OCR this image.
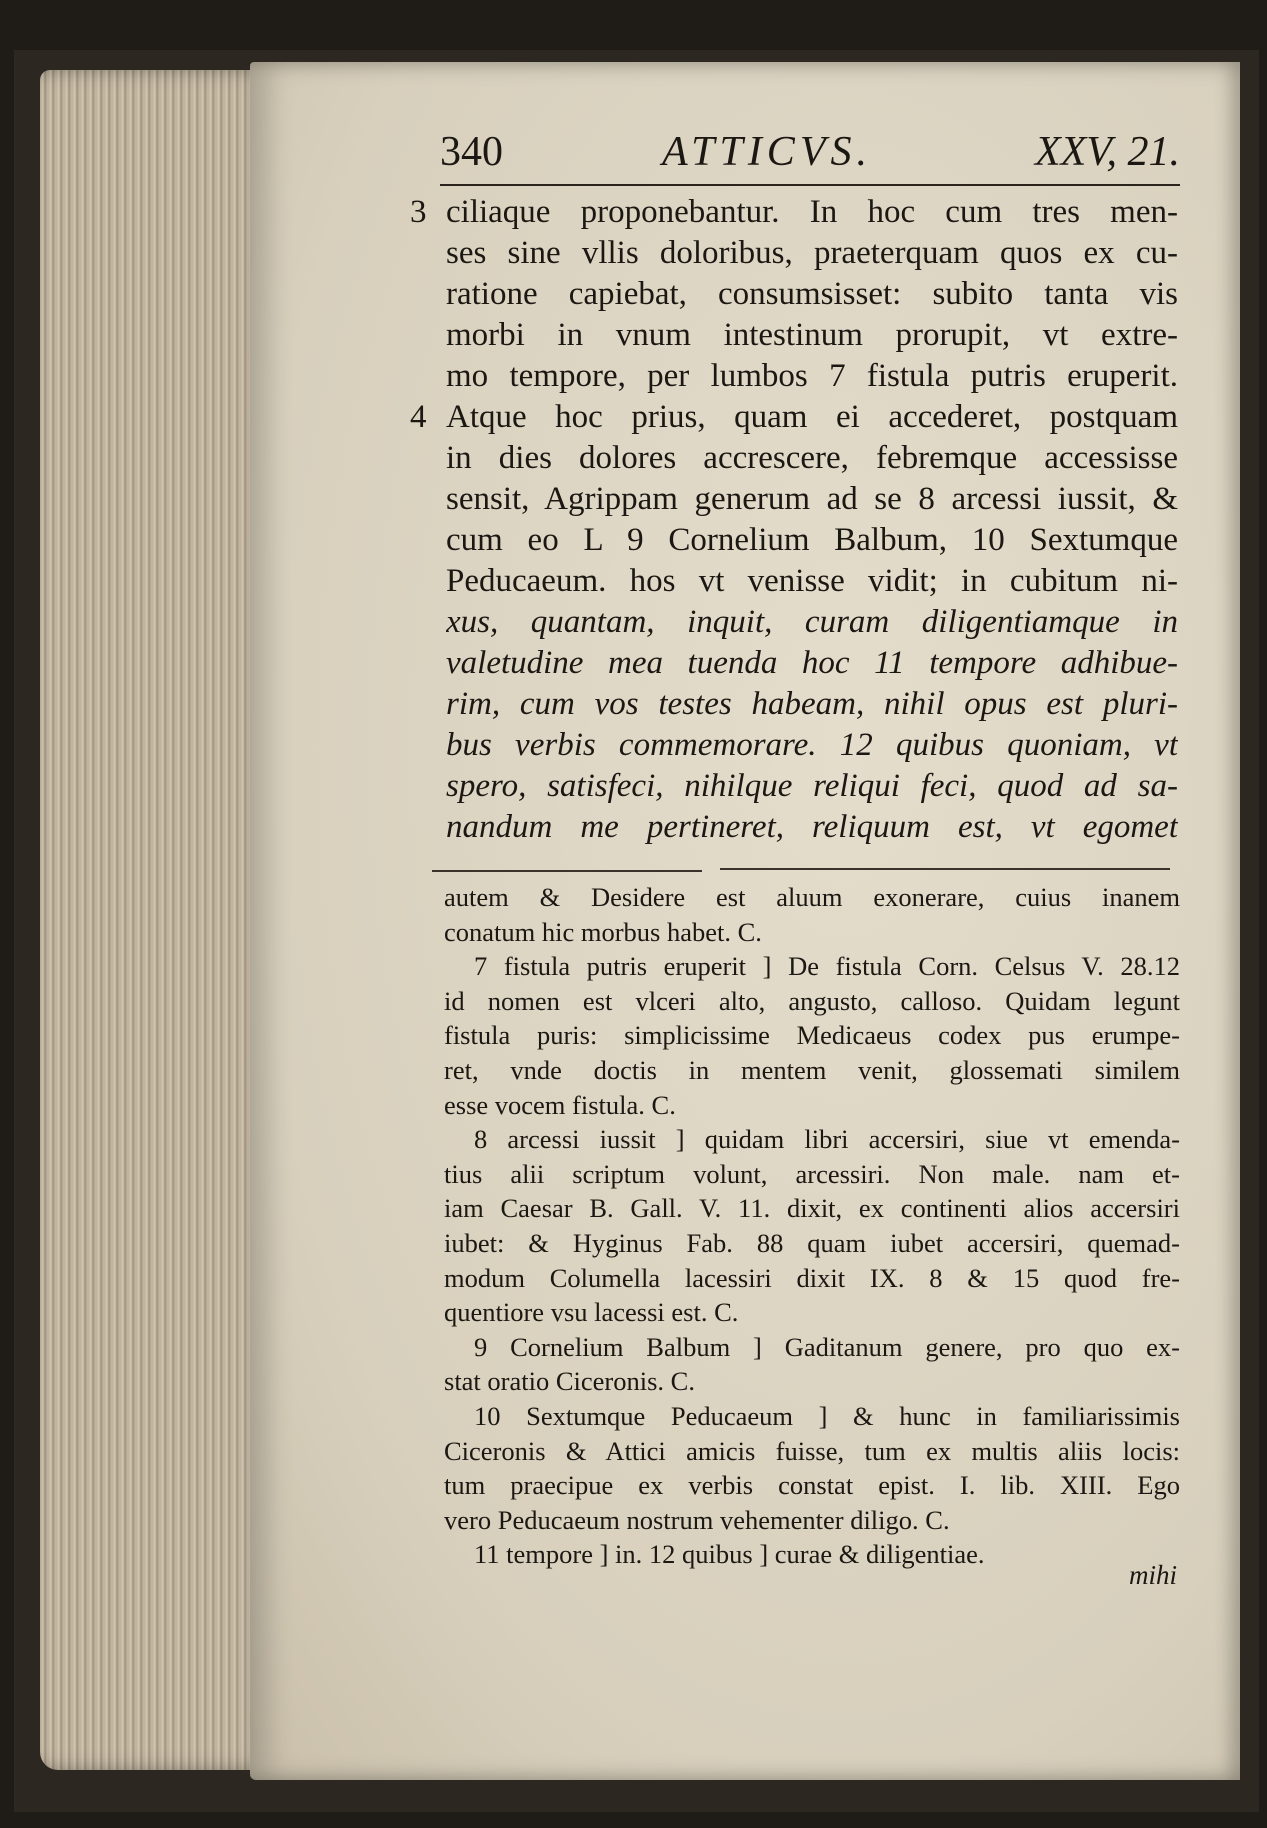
340	ATTICVS.	XXV, 21.
3
4
ciliaque proponebantur. In hoc cum tres men-
ses sine vllis doloribus, praeterquam quos ex cu-
ratione capiebat, consumsisset: subito tanta vis
morbi in vnum intestinum prorupit, vt extre-
mo tempore, per lumbos 7 fistula putris eruperit.
Atque hoc prius, quam ei accederet, postquam
in dies dolores accrescere, febremque accessisse
sensit, Agrippam generum ad se 8 arcessi iussit, &
cum eo L 9 Cornelium Balbum, 10 Sextumque
Peducaeum. hos vt venisse vidit; in cubitum ni-
xus, quantam, inquit, curam diligentiamque in
valetudine mea tuenda hoc 11 tempore adhibue-
rim, cum vos testes habeam, nihil opus est pluri-
bus verbis commemorare. 12 quibus quoniam, vt
spero, satisfeci, nihilque reliqui feci, quod ad sa-
nandum me pertineret, reliquum est, vt egomet
autem & Desidere est aluum exonerare, cuius inanem
conatum hic morbus habet. C.
7 fistula putris eruperit ] De fistula Corn. Celsus V. 28.12
id nomen est vlceri alto, angusto, calloso. Quidam legunt
fistula puris: simplicissime Medicaeus codex pus erumpe-
ret, vnde doctis in mentem venit, glossemati similem
esse vocem fistula. C.
8 arcessi iussit ] quidam libri accersiri, siue vt emenda-
tius alii scriptum volunt, arcessiri. Non male. nam et-
iam Caesar B. Gall. V. 11. dixit, ex continenti alios accersiri
iubet: & Hyginus Fab. 88 quam iubet accersiri, quemad-
modum Columella lacessiri dixit IX. 8 & 15 quod fre-
quentiore vsu lacessi est. C.
9 Cornelium Balbum ] Gaditanum genere, pro quo ex-
stat oratio Ciceronis. C.
10 Sextumque Peducaeum ] & hunc in familiarissimis
Ciceronis & Attici amicis fuisse, tum ex multis aliis locis:
tum praecipue ex verbis constat epist. I. lib. XIII. Ego
vero Peducaeum nostrum vehementer diligo. C.
11 tempore ] in. 12 quibus ] curae & diligentiae.
mihi
